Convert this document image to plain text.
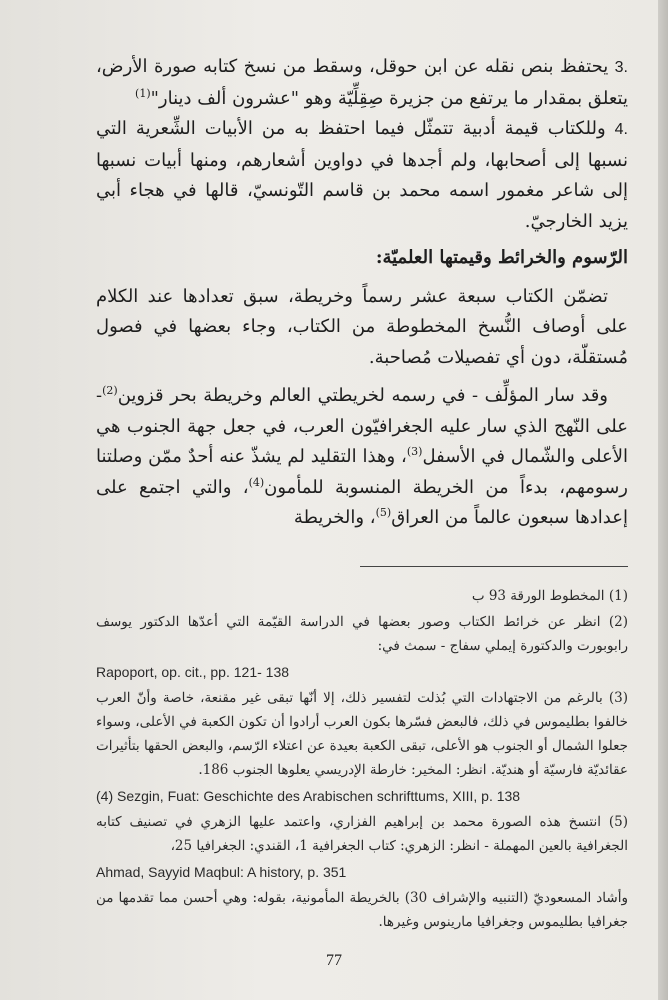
3. يحتفظ بنص نقله عن ابن حوقل، وسقط من نسخ كتابه صورة الأرض، يتعلق بمقدار ما يرتفع من جزيرة صِقِلِّيّة وهو "عشرون ألف دينار"$^{(1)}$

4. وللكتاب قيمة أدبية تتمثّل فيما احتفظ به من الأبيات الشِّعرية التي نسبها إلى أصحابها، ولم أجدها في دواوين أشعارهم، ومنها أبيات نسبها إلى شاعر مغمور اسمه محمد بن قاسم التّونسيّ، قالها في هجاء أبي يزيد الخارجيّ.

الرّسوم والخرائط وقيمتها العلميّة:

تضمّن الكتاب سبعة عشر رسماً وخريطة، سبق تعدادها عند الكلام على أوصاف النُّسخ المخطوطة من الكتاب، وجاء بعضها في فصول مُستقلّة، دون أي تفصيلات مُصاحبة.

وقد سار المؤلِّف - في رسمه لخريطتي العالم وخريطة بحر قزوين$^{(2)}$- على النّهج الذي سار عليه الجغرافيّون العرب، في جعل جهة الجنوب هي الأعلى والشّمال في الأسفل$^{(3)}$، وهذا التقليد لم يشذّ عنه أحدٌ ممّن وصلتنا رسومهم، بدءاً من الخريطة المنسوبة للمأمون$^{(4)}$، والتي اجتمع على إعدادها سبعون عالماً من العراق$^{(5)}$، والخريطة

(1) المخطوط الورقة 93 ب

(2) انظر عن خرائط الكتاب وصور بعضها في الدراسة القيّمة التي أعدّها الدكتور يوسف رابوبورت والدكتورة إيملي سفاج - سمث في:

Rapoport, op. cit., pp. 121- 138

(3) بالرغم من الاجتهادات التي بُذلت لتفسير ذلك، إلا أنّها تبقى غير مقنعة، خاصة وأنّ العرب خالفوا بطليموس في ذلك، فالبعض فسّرها بكون العرب أرادوا أن تكون الكعبة في الأعلى، وسواء جعلوا الشمال أو الجنوب هو الأعلى، تبقى الكعبة بعيدة عن اعتلاء الرّسم، والبعض الحقها بتأثيرات عقائديّة فارسيّة أو هنديّة. انظر: المخير: خارطة الإدريسي يعلوها الجنوب 186.

(4) Sezgin, Fuat: Geschichte des Arabischen schrifttums, XIII, p. 138

(5) انتسخ هذه الصورة محمد بن إبراهيم الفزاري، واعتمد عليها الزهري في تصنيف كتابه الجغرافية بالعين المهملة - انظر: الزهري: كتاب الجغرافية 1، القندي: الجغرافيا 25،

Ahmad, Sayyid Maqbul: A history, p. 351

وأشاد المسعوديّ (التنبيه والإشراف 30) بالخريطة المأمونية، بقوله: وهي أحسن مما تقدمها من جغرافيا بطليموس وجغرافيا مارينوس وغيرها.

77
